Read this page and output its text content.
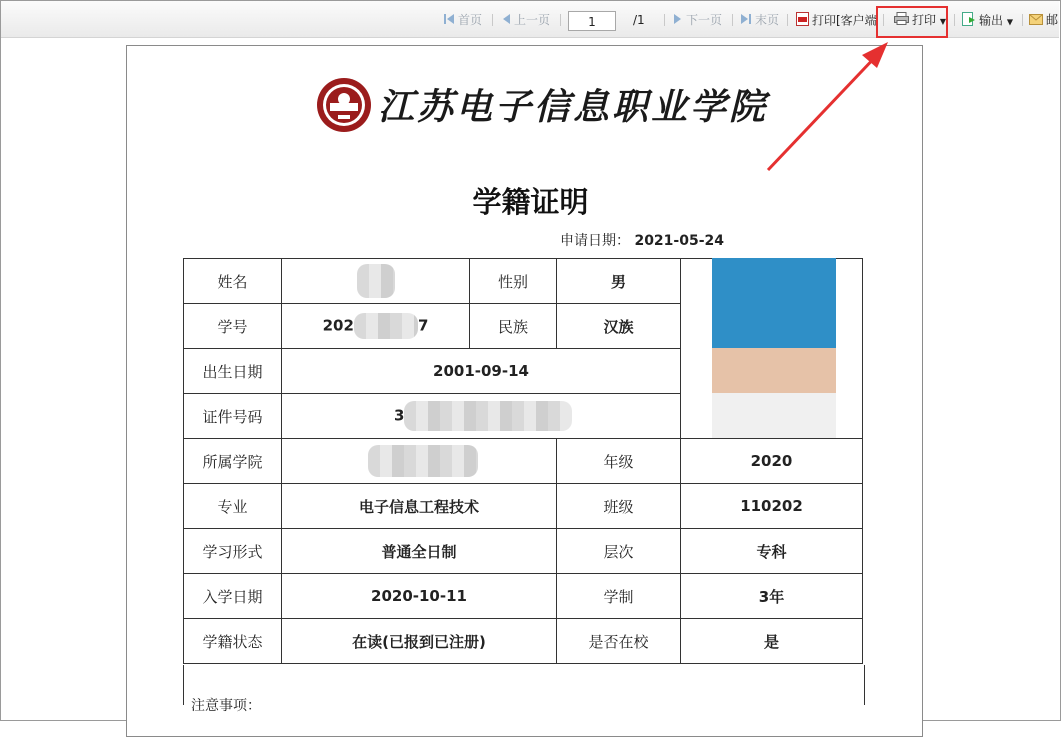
首页	上一页	1	/1	下一页	末页	打印[客户端	打印 ▼	输出 ▼	邮
江苏电子信息职业学院
学籍证明
申请日期： 2021-05-24
姓名		性别	男	
学号	202 7	民族	汉族	
出生日期	2001-09-14			
证件号码	3			
所属学院			年级	2020
专业	电子信息工程技术		班级	110202
学习形式	普通全日制		层次	专科
入学日期	2020-10-11		学制	3年
学籍状态	在读(已报到已注册)		是否在校	是
注意事项：
